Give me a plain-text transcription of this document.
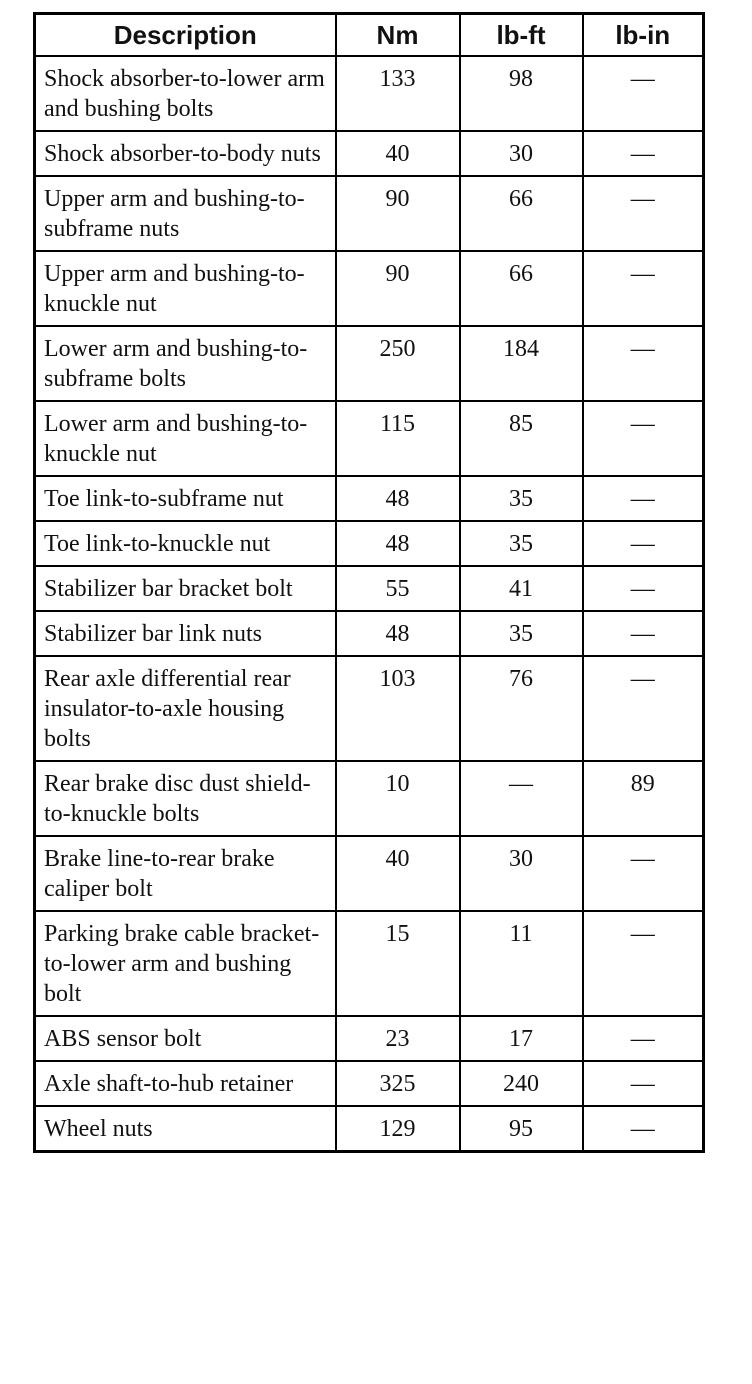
Description	Nm	lb-ft	lb-in
Shock absorber-to-lower arm and bushing bolts	133	98	—
Shock absorber-to-body nuts	40	30	—
Upper arm and bushing-to-subframe nuts	90	66	—
Upper arm and bushing-to-knuckle nut	90	66	—
Lower arm and bushing-to-subframe bolts	250	184	—
Lower arm and bushing-to-knuckle nut	115	85	—
Toe link-to-subframe nut	48	35	—
Toe link-to-knuckle nut	48	35	—
Stabilizer bar bracket bolt	55	41	—
Stabilizer bar link nuts	48	35	—
Rear axle differential rear insulator-to-axle housing bolts	103	76	—
Rear brake disc dust shield-to-knuckle bolts	10	—	89
Brake line-to-rear brake caliper bolt	40	30	—
Parking brake cable bracket-to-lower arm and bushing bolt	15	11	—
ABS sensor bolt	23	17	—
Axle shaft-to-hub retainer	325	240	—
Wheel nuts	129	95	—
